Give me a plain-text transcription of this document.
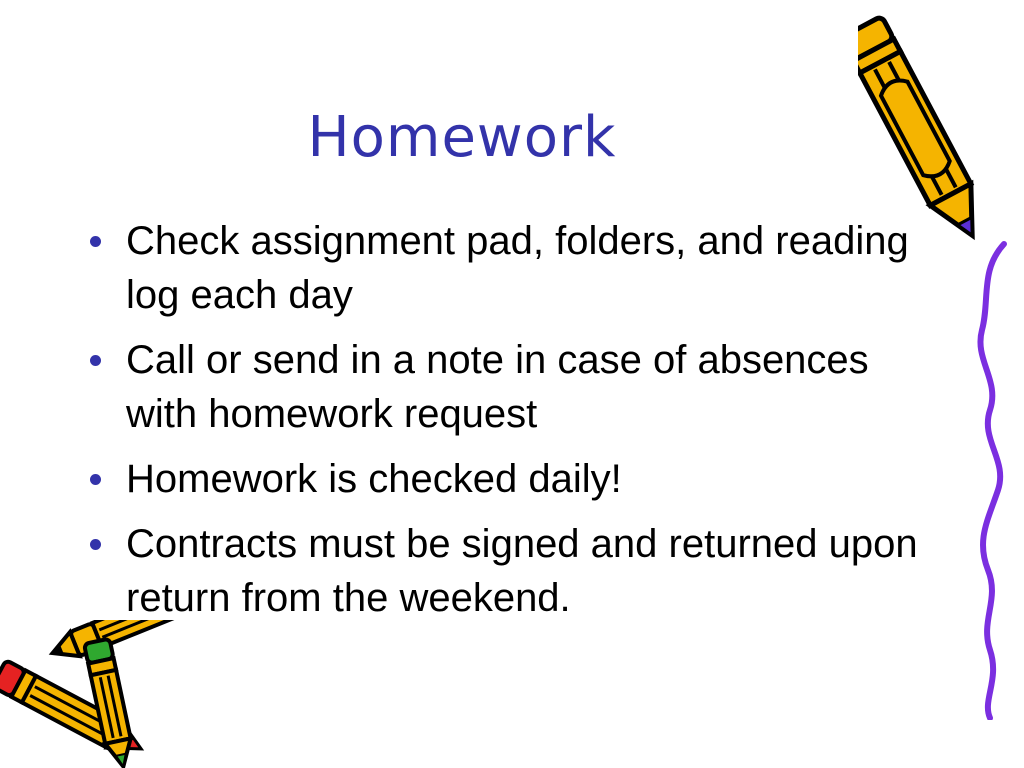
Homework
Check assignment pad, folders, and reading log each day
Call or send in a note in case of absences with homework request
Homework is checked daily!
Contracts must be signed and returned upon return from the weekend.
